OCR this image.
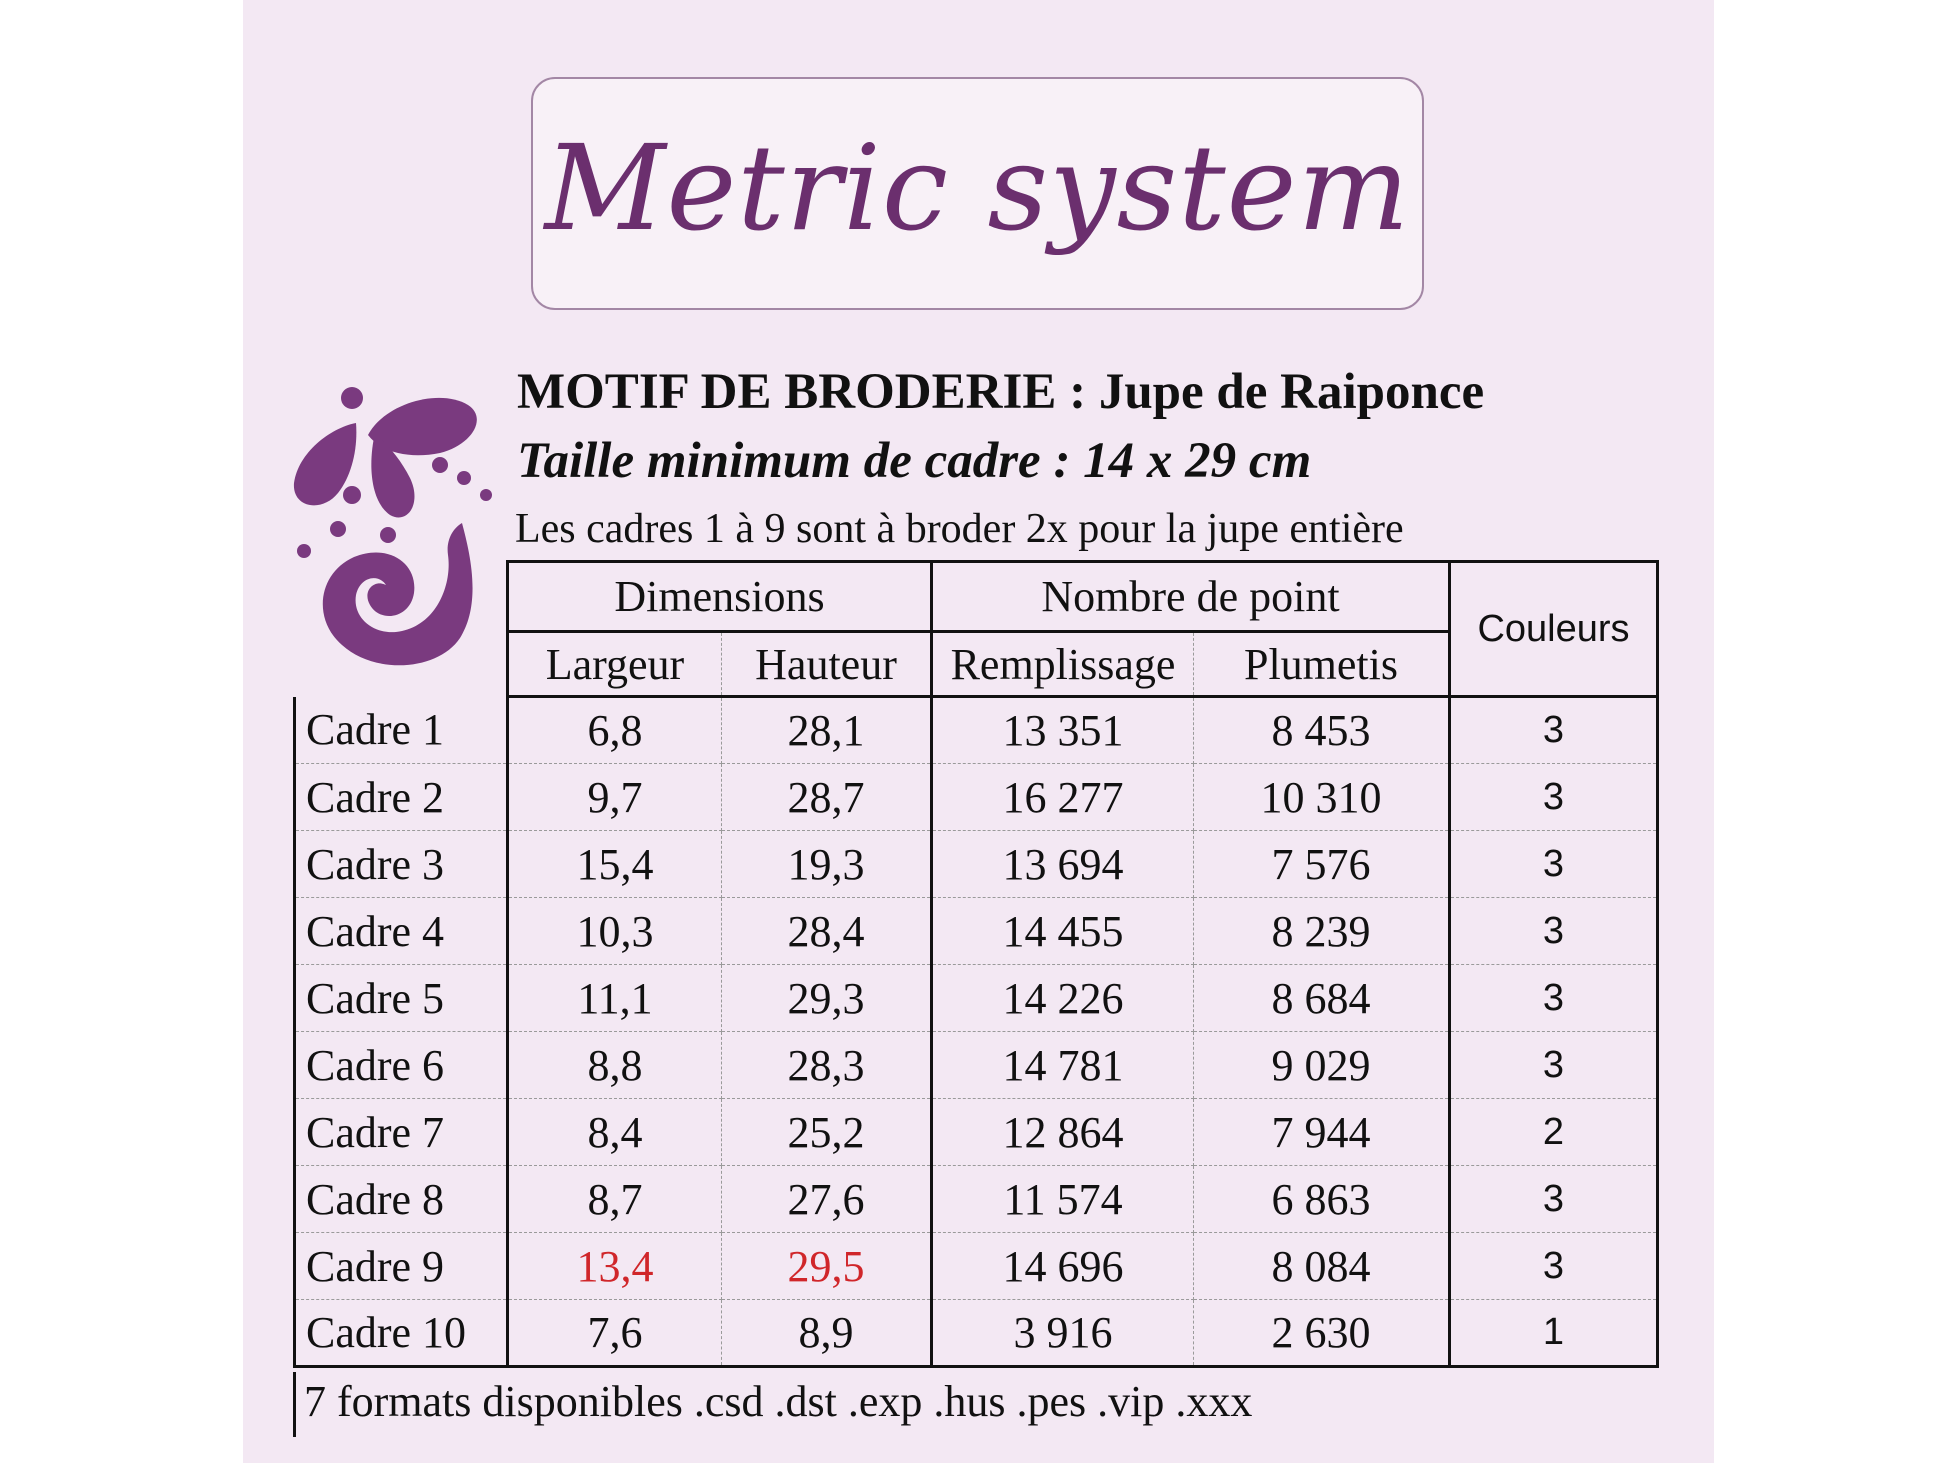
Metric system
MOTIF DE BRODERIE : Jupe de Raiponce
Taille minimum de cadre : 14 x 29 cm
Les cadres 1 à 9 sont à broder 2x pour la jupe entière
	Dimensions		Nombre de point		Couleurs
	Largeur	Hauteur	Remplissage	Plumetis	
Cadre 1	6,8	28,1	13 351	8 453	3
Cadre 2	9,7	28,7	16 277	10 310	3
Cadre 3	15,4	19,3	13 694	7 576	3
Cadre 4	10,3	28,4	14 455	8 239	3
Cadre 5	11,1	29,3	14 226	8 684	3
Cadre 6	8,8	28,3	14 781	9 029	3
Cadre 7	8,4	25,2	12 864	7 944	2
Cadre 8	8,7	27,6	11 574	6 863	3
Cadre 9	13,4	29,5	14 696	8 084	3
Cadre 10	7,6	8,9	3 916	2 630	1
7 formats disponibles .csd .dst .exp .hus .pes .vip .xxx
